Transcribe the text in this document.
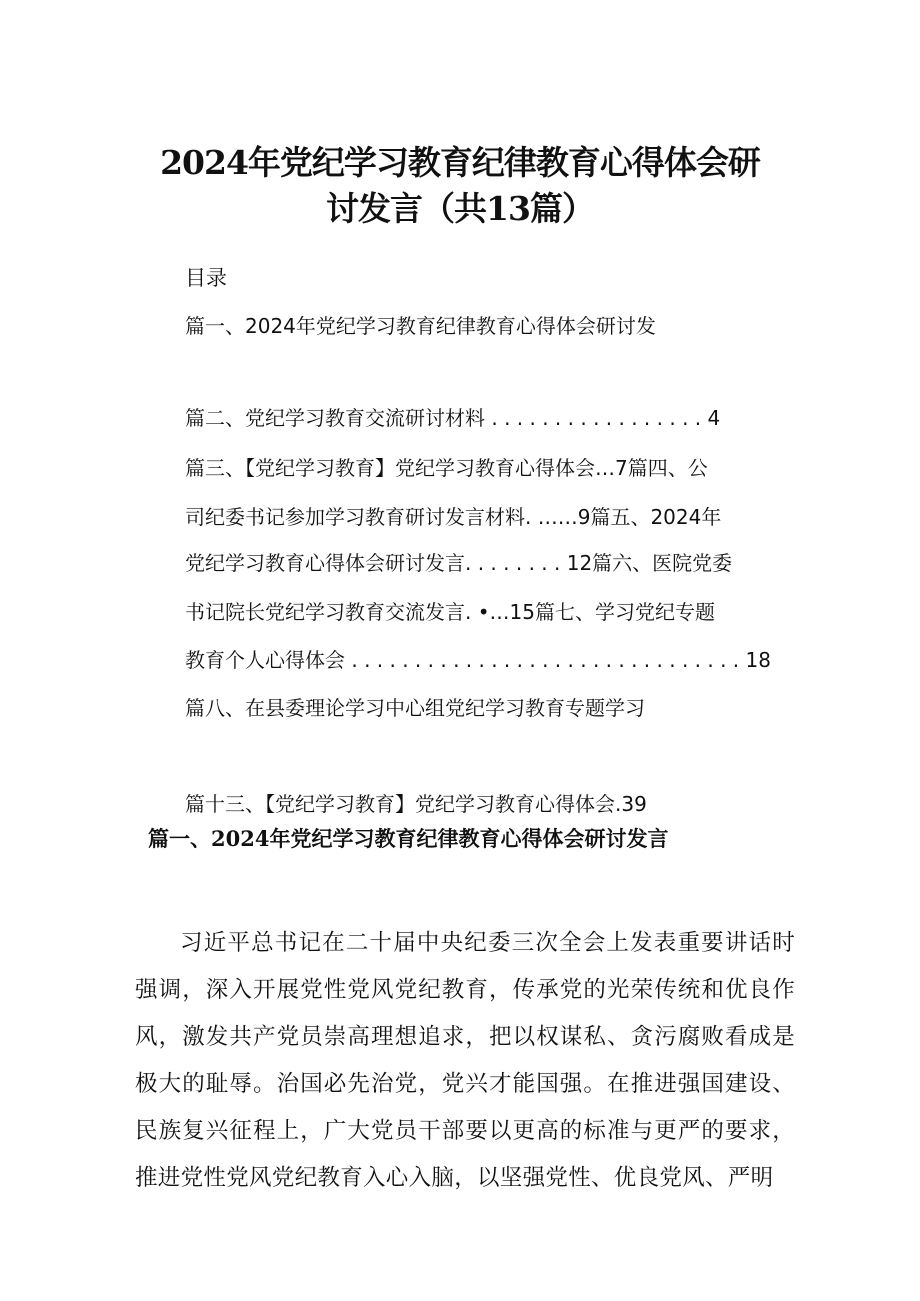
2024年党纪学习教育纪律教育心得体会研
讨发言（共13篇）
目录
篇一、2024年党纪学习教育纪律教育心得体会研讨发
篇二、党纪学习教育交流研讨材料 . . . . . . . . . . . . . . . . . 4
篇三、【党纪学习教育】党纪学习教育心得体会…7篇四、公
司纪委书记参加学习教育研讨发言材料. ……9篇五、2024年
党纪学习教育心得体会研讨发言. . . . . . . . 12篇六、医院党委
书记院长党纪学习教育交流发言. •…15篇七、学习党纪专题
教育个人心得体会 . . . . . . . . . . . . . . . . . . . . . . . . . . . . . . . 18
篇八、在县委理论学习中心组党纪学习教育专题学习
篇十三、【党纪学习教育】党纪学习教育心得体会.39
篇一、2024年党纪学习教育纪律教育心得体会研讨发言
习近平总书记在二十届中央纪委三次全会上发表重要讲话时强调，深入开展党性党风党纪教育，传承党的光荣传统和优良作风，激发共产党员崇高理想追求，把以权谋私、贪污腐败看成是极大的耻辱。治国必先治党，党兴才能国强。在推进强国建设、民族复兴征程上，广大党员干部要以更高的标准与更严的要求，推进党性党风党纪教育入心入脑，以坚强党性、优良党风、严明
